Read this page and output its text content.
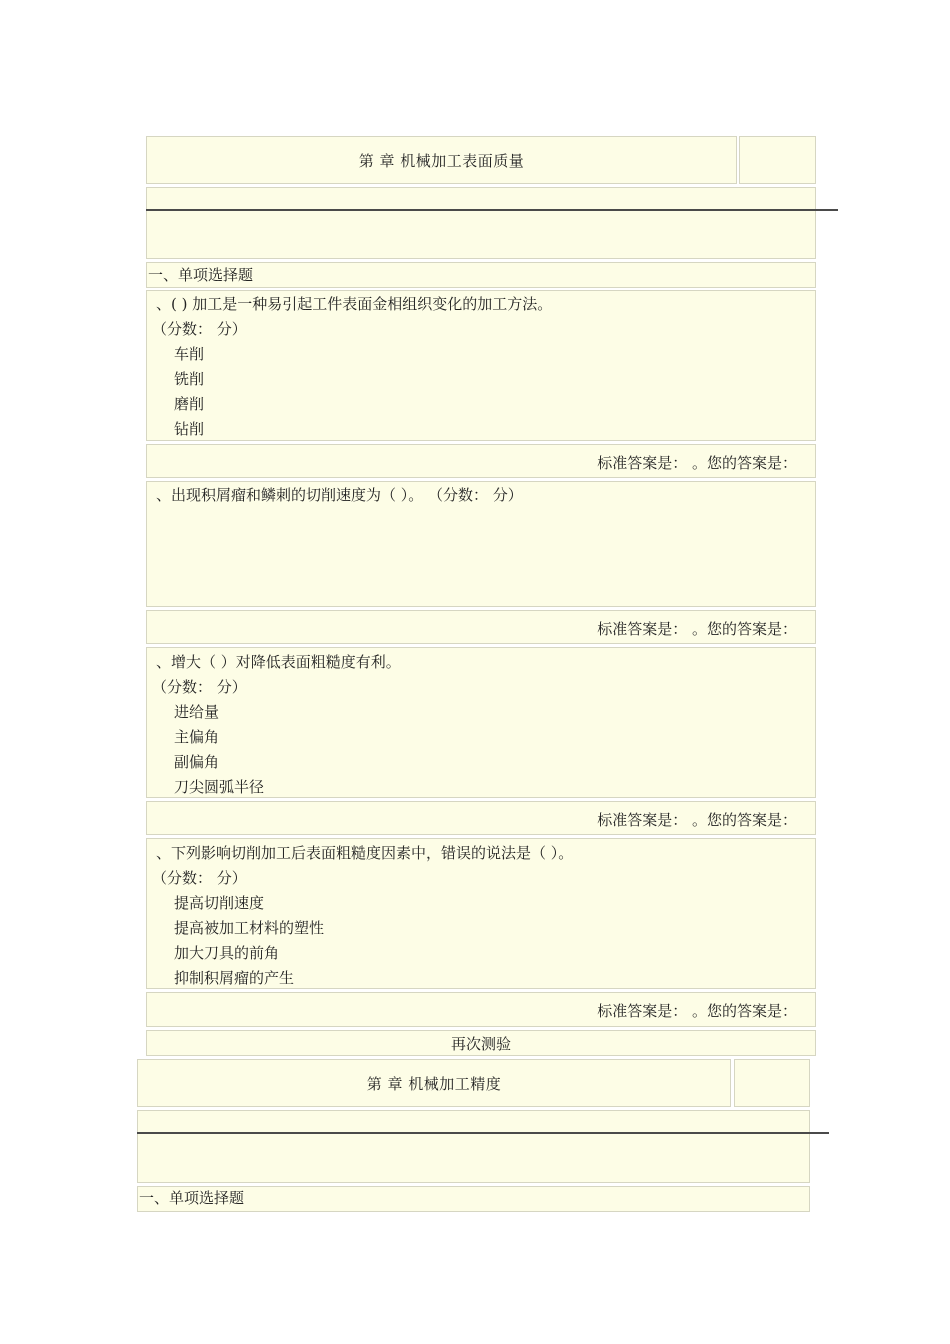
第 章 机械加工表面质量
一、单项选择题
、( ) 加工是一种易引起工件表面金相组织变化的加工方法。
（分数： 分）
车削
铣削
磨削
钻削
标准答案是： 。您的答案是：
、出现积屑瘤和鳞刺的切削速度为（ ）。 （分数： 分）
标准答案是： 。您的答案是：
、增大（ ）对降低表面粗糙度有利。
（分数： 分）
进给量
主偏角
副偏角
刀尖圆弧半径
标准答案是： 。您的答案是：
、下列影响切削加工后表面粗糙度因素中，错误的说法是（ ）。
（分数： 分）
提高切削速度
提高被加工材料的塑性
加大刀具的前角
抑制积屑瘤的产生
标准答案是： 。您的答案是：
再次测验
第 章 机械加工精度
一、单项选择题
